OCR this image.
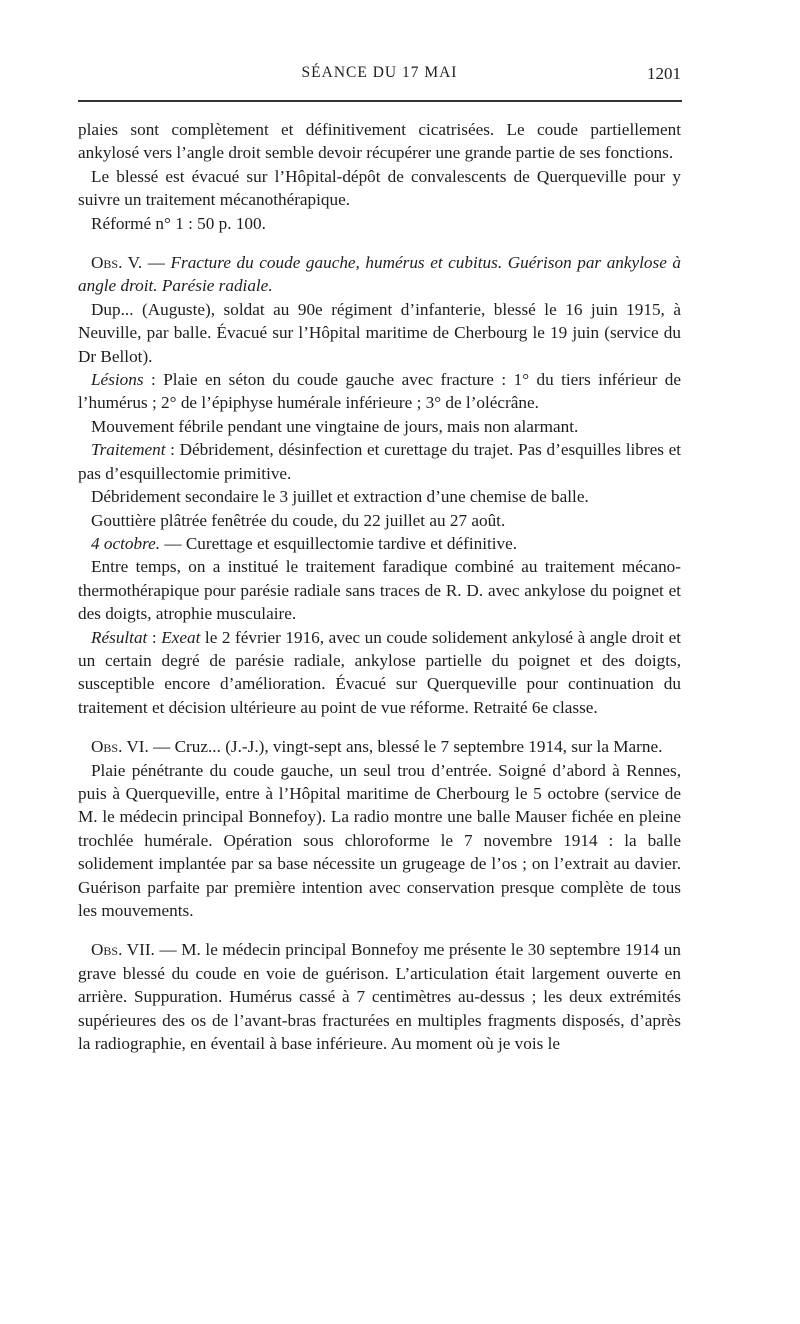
SÉANCE DU 17 MAI	1201

plaies sont complètement et définitivement cicatrisées. Le coude partiellement ankylosé vers l’angle droit semble devoir récupérer une grande partie de ses fonctions.

Le blessé est évacué sur l’Hôpital-dépôt de convalescents de Querqueville pour y suivre un traitement mécanothérapique.

Réformé n° 1 : 50 p. 100.

Obs. V. — Fracture du coude gauche, humérus et cubitus. Guérison par ankylose à angle droit. Parésie radiale.

Dup... (Auguste), soldat au 90e régiment d’infanterie, blessé le 16 juin 1915, à Neuville, par balle. Évacué sur l’Hôpital maritime de Cherbourg le 19 juin (service du Dr Bellot).

Lésions : Plaie en séton du coude gauche avec fracture : 1° du tiers inférieur de l’humérus ; 2° de l’épiphyse humérale inférieure ; 3° de l’olécrâne.

Mouvement fébrile pendant une vingtaine de jours, mais non alarmant.

Traitement : Débridement, désinfection et curettage du trajet. Pas d’esquilles libres et pas d’esquillectomie primitive.

Débridement secondaire le 3 juillet et extraction d’une chemise de balle.

Gouttière plâtrée fenêtrée du coude, du 22 juillet au 27 août.

4 octobre. — Curettage et esquillectomie tardive et définitive.

Entre temps, on a institué le traitement faradique combiné au traitement mécano-thermothérapique pour parésie radiale sans traces de R. D. avec ankylose du poignet et des doigts, atrophie musculaire.

Résultat : Exeat le 2 février 1916, avec un coude solidement ankylosé à angle droit et un certain degré de parésie radiale, ankylose partielle du poignet et des doigts, susceptible encore d’amélioration. Évacué sur Querqueville pour continuation du traitement et décision ultérieure au point de vue réforme. Retraité 6e classe.

Obs. VI. — Cruz... (J.-J.), vingt-sept ans, blessé le 7 septembre 1914, sur la Marne.

Plaie pénétrante du coude gauche, un seul trou d’entrée. Soigné d’abord à Rennes, puis à Querqueville, entre à l’Hôpital maritime de Cherbourg le 5 octobre (service de M. le médecin principal Bonnefoy). La radio montre une balle Mauser fichée en pleine trochlée humérale. Opération sous chloroforme le 7 novembre 1914 : la balle solidement implantée par sa base nécessite un grugeage de l’os ; on l’extrait au davier. Guérison parfaite par première intention avec conservation presque complète de tous les mouvements.

Obs. VII. — M. le médecin principal Bonnefoy me présente le 30 septembre 1914 un grave blessé du coude en voie de guérison. L’articulation était largement ouverte en arrière. Suppuration. Humérus cassé à 7 centimètres au-dessus ; les deux extrémités supérieures des os de l’avant-bras fracturées en multiples fragments disposés, d’après la radiographie, en éventail à base inférieure. Au moment où je vois le
